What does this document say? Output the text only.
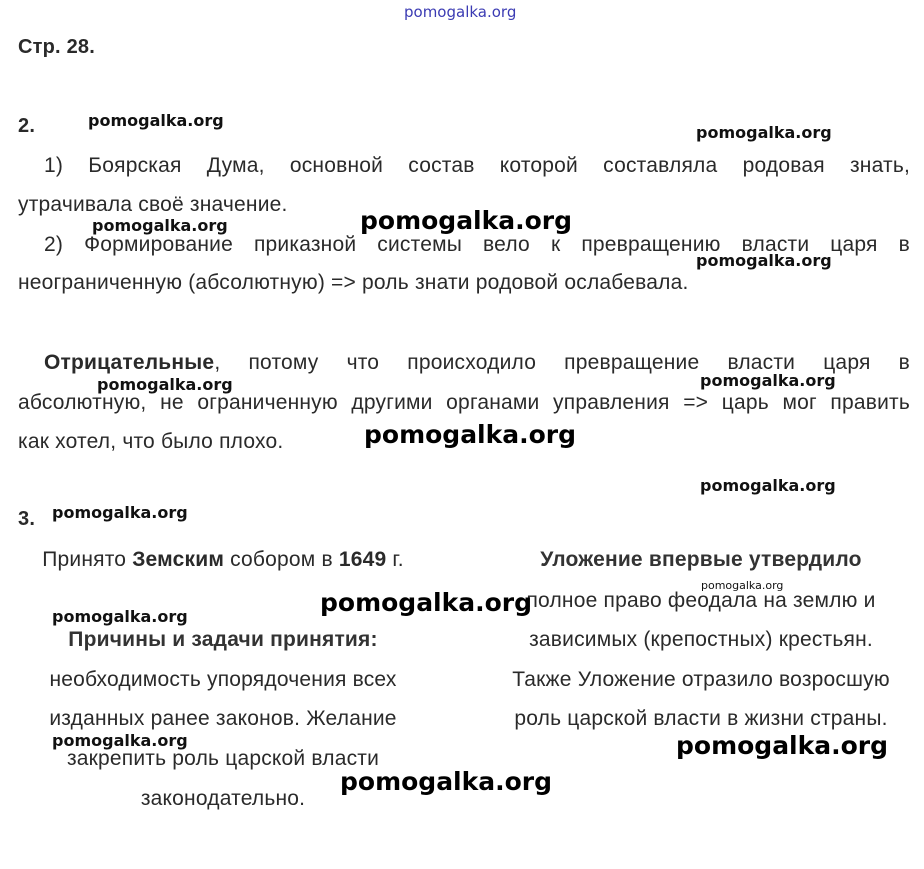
pomogalka.org
Стр. 28.
2.
1) Боярская Дума, основной состав которой составляла родовая знать,
утрачивала своё значение.
2) Формирование приказной системы вело к превращению власти царя в
неограниченную (абсолютную) => роль знати родовой ослабевала.
Отрицательные, потому что происходило превращение власти царя в
абсолютную, не ограниченную другими органами управления => царь мог править
как хотел, что было плохо.
3.
Принято Земским собором в 1649 г.
Причины и задачи принятия:
необходимость упорядочения всех
изданных ранее законов. Желание
закрепить роль царской власти
законодательно.
Уложение впервые утвердило
полное право феодала на землю и
зависимых (крепостных) крестьян.
Также Уложение отразило возросшую
роль царской власти в жизни страны.
pomogalka.org
pomogalka.org
pomogalka.org	pomogalka.org
pomogalka.org
pomogalka.org	pomogalka.org
pomogalka.org
pomogalka.org
pomogalka.org
pomogalka.org
pomogalka.org
pomogalka.org
pomogalka.org
pomogalka.org
pomogalka.org
